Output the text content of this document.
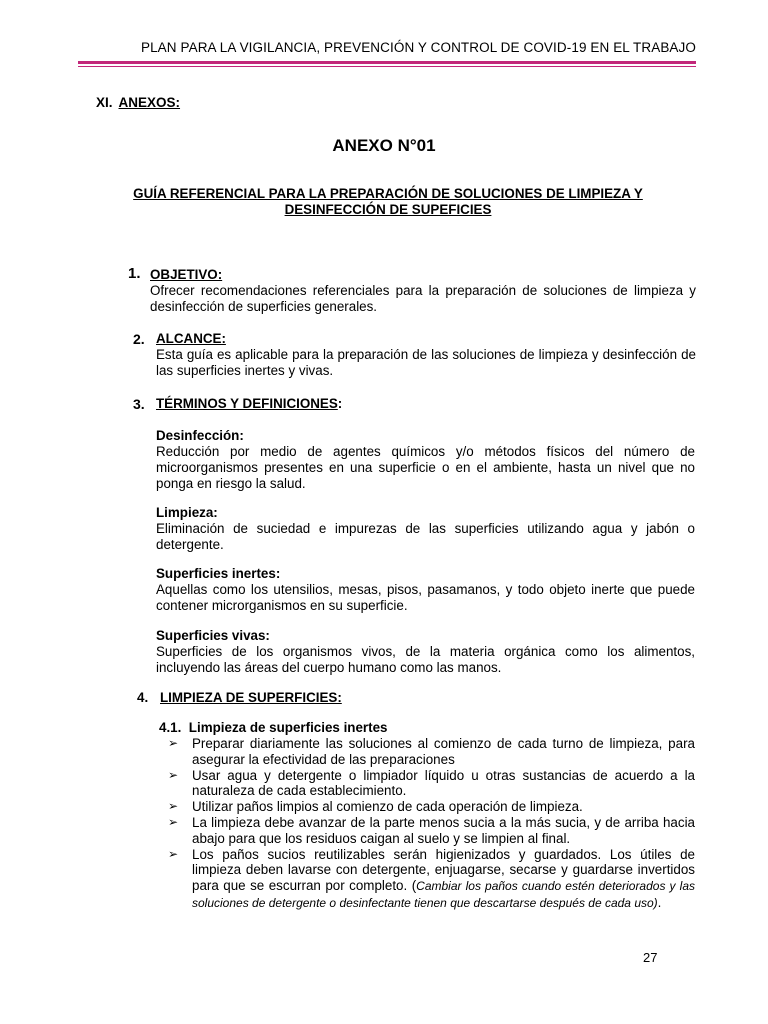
PLAN PARA LA VIGILANCIA, PREVENCIÓN Y CONTROL DE COVID-19 EN EL TRABAJO
XI. ANEXOS:
ANEXO N°01
GUÍA REFERENCIAL PARA LA PREPARACIÓN DE SOLUCIONES DE LIMPIEZA Y
DESINFECCIÓN DE SUPEFICIES
1. OBJETIVO:
Ofrecer recomendaciones referenciales para la preparación de soluciones de limpieza y desinfección de superficies generales.
2. ALCANCE:
Esta guía es aplicable para la preparación de las soluciones de limpieza y desinfección de las superficies inertes y vivas.
3. TÉRMINOS Y DEFINICIONES:
Desinfección:
Reducción por medio de agentes químicos y/o métodos físicos del número de microorganismos presentes en una superficie o en el ambiente, hasta un nivel que no ponga en riesgo la salud.
Limpieza:
Eliminación de suciedad e impurezas de las superficies utilizando agua y jabón o detergente.
Superficies inertes:
Aquellas como los utensilios, mesas, pisos, pasamanos, y todo objeto inerte que puede contener microrganismos en su superficie.
Superficies vivas:
Superficies de los organismos vivos, de la materia orgánica como los alimentos, incluyendo las áreas del cuerpo humano como las manos.
4. LIMPIEZA DE SUPERFICIES:
4.1. Limpieza de superficies inertes
➢ Preparar diariamente las soluciones al comienzo de cada turno de limpieza, para asegurar la efectividad de las preparaciones
➢ Usar agua y detergente o limpiador líquido u otras sustancias de acuerdo a la naturaleza de cada establecimiento.
➢ Utilizar paños limpios al comienzo de cada operación de limpieza.
➢ La limpieza debe avanzar de la parte menos sucia a la más sucia, y de arriba hacia abajo para que los residuos caigan al suelo y se limpien al final.
➢ Los paños sucios reutilizables serán higienizados y guardados. Los útiles de limpieza deben lavarse con detergente, enjuagarse, secarse y guardarse invertidos para que se escurran por completo. (Cambiar los paños cuando estén deteriorados y las soluciones de detergente o desinfectante tienen que descartarse después de cada uso).
27
